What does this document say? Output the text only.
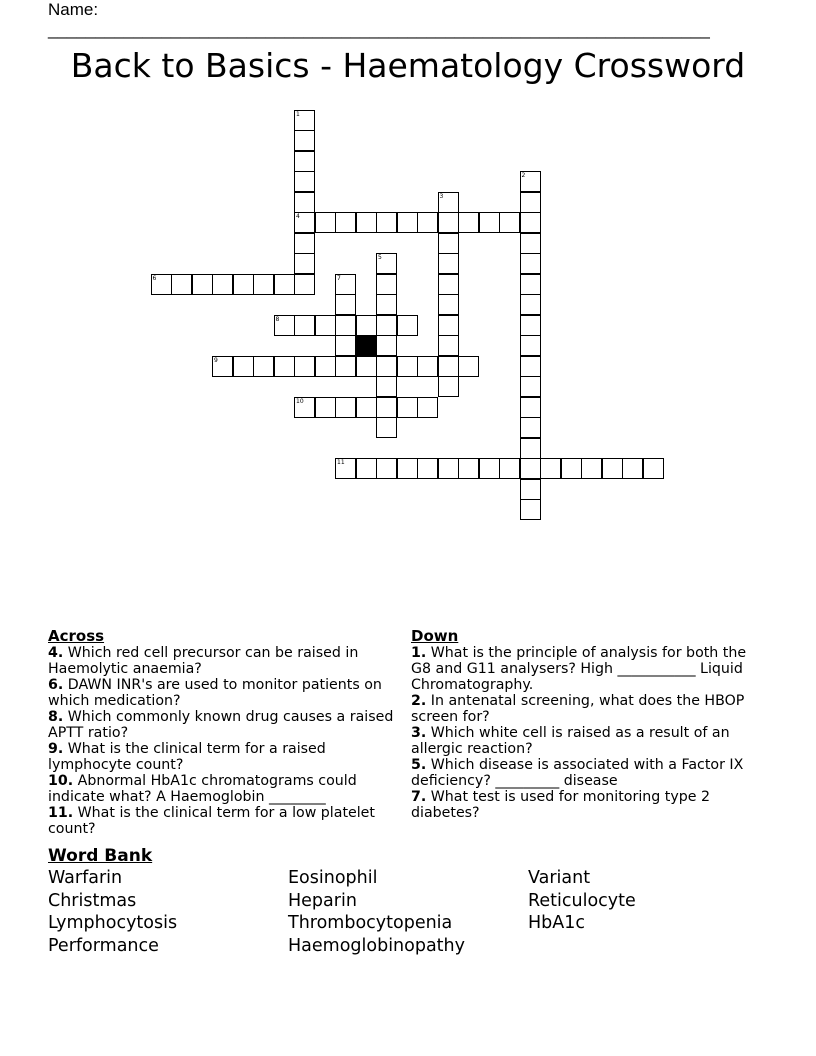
Name: ______________________________________________________________________
Back to Basics - Haematology Crossword
1
4
2
3
5
6	7
8
9
10
11
Across
4. Which red cell precursor can be raised in Haemolytic anaemia?
6. DAWN INR's are used to monitor patients on which medication?
8. Which commonly known drug causes a raised APTT ratio?
9. What is the clinical term for a raised lymphocyte count?
10. Abnormal HbA1c chromatograms could indicate what? A Haemoglobin ________
11. What is the clinical term for a low platelet count?
Down
1. What is the principle of analysis for both the G8 and G11 analysers? High ___________ Liquid Chromatography.
2. In antenatal screening, what does the HBOP screen for?
3. Which white cell is raised as a result of an allergic reaction?
5. Which disease is associated with a Factor IX deficiency? _________ disease
7. What test is used for monitoring type 2 diabetes?
Word Bank
Warfarin
Christmas
Lymphocytosis
Performance
Eosinophil
Heparin
Thrombocytopenia
Haemoglobinopathy
Variant
Reticulocyte
HbA1c
